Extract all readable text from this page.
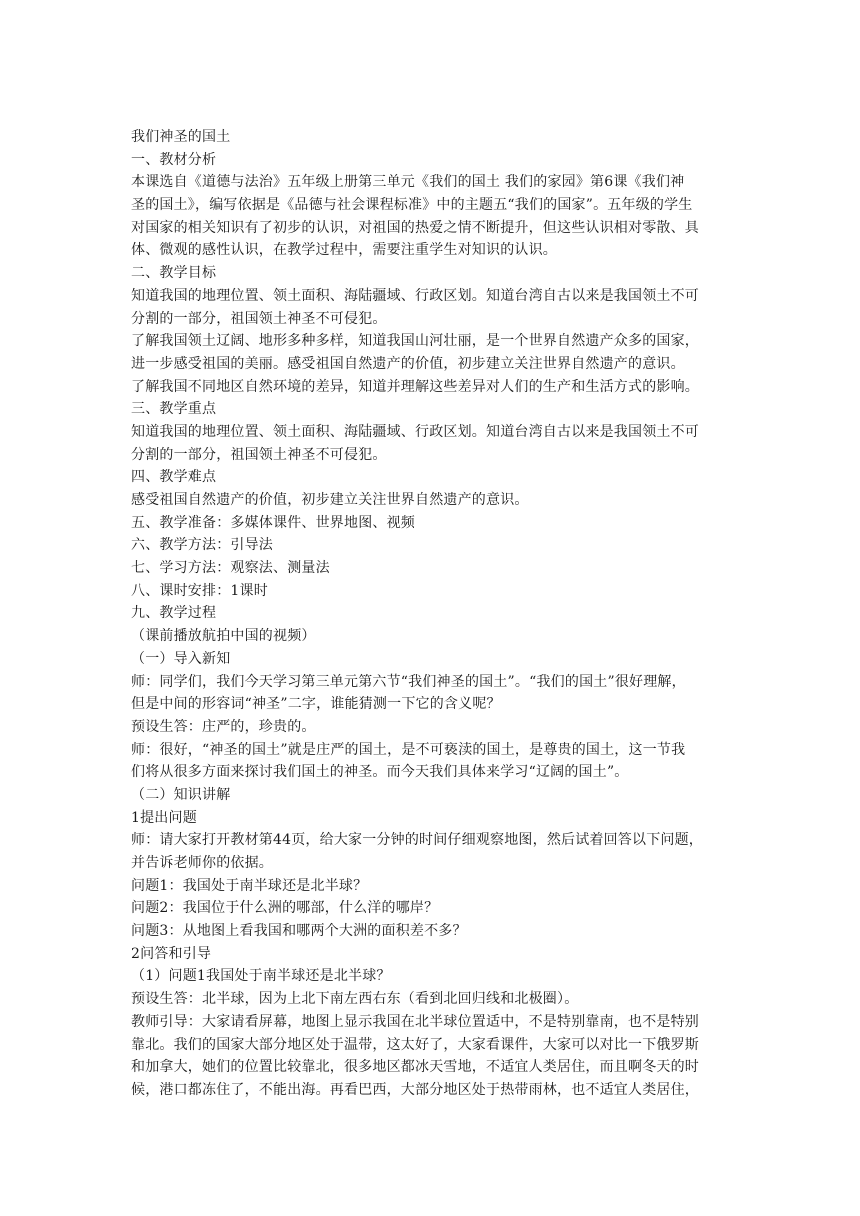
我们神圣的国土
一、教材分析
本课选自《道德与法治》五年级上册第三单元《我们的国土 我们的家园》第6课《我们神
圣的国土》，编写依据是《品德与社会课程标准》中的主题五“我们的国家”。五年级的学生
对国家的相关知识有了初步的认识，对祖国的热爱之情不断提升，但这些认识相对零散、具
体、微观的感性认识，在教学过程中，需要注重学生对知识的认识。
二、教学目标
知道我国的地理位置、领土面积、海陆疆域、行政区划。知道台湾自古以来是我国领土不可
分割的一部分，祖国领土神圣不可侵犯。
了解我国领土辽阔、地形多种多样，知道我国山河壮丽，是一个世界自然遗产众多的国家，
进一步感受祖国的美丽。感受祖国自然遗产的价值，初步建立关注世界自然遗产的意识。
了解我国不同地区自然环境的差异，知道并理解这些差异对人们的生产和生活方式的影响。
三、教学重点
知道我国的地理位置、领土面积、海陆疆域、行政区划。知道台湾自古以来是我国领土不可
分割的一部分，祖国领土神圣不可侵犯。
四、教学难点
感受祖国自然遗产的价值，初步建立关注世界自然遗产的意识。
五、教学准备：多媒体课件、世界地图、视频
六、教学方法：引导法
七、学习方法：观察法、测量法
八、课时安排：1课时
九、教学过程
（课前播放航拍中国的视频）
（一）导入新知
师：同学们，我们今天学习第三单元第六节“我们神圣的国土”。“我们的国土”很好理解，
但是中间的形容词“神圣”二字，谁能猜测一下它的含义呢？
预设生答：庄严的，珍贵的。
师：很好，“神圣的国土”就是庄严的国土，是不可亵渎的国土，是尊贵的国土，这一节我
们将从很多方面来探讨我们国土的神圣。而今天我们具体来学习“辽阔的国土”。
（二）知识讲解
1提出问题
师：请大家打开教材第44页，给大家一分钟的时间仔细观察地图，然后试着回答以下问题，
并告诉老师你的依据。
问题1：我国处于南半球还是北半球？
问题2：我国位于什么洲的哪部，什么洋的哪岸？
问题3：从地图上看我国和哪两个大洲的面积差不多？
2问答和引导
（1）问题1我国处于南半球还是北半球？
预设生答：北半球，因为上北下南左西右东（看到北回归线和北极圈）。
教师引导：大家请看屏幕，地图上显示我国在北半球位置适中，不是特别靠南，也不是特别
靠北。我们的国家大部分地区处于温带，这太好了，大家看课件，大家可以对比一下俄罗斯
和加拿大，她们的位置比较靠北，很多地区都冰天雪地，不适宜人类居住，而且啊冬天的时
候，港口都冻住了，不能出海。再看巴西，大部分地区处于热带雨林，也不适宜人类居住，
